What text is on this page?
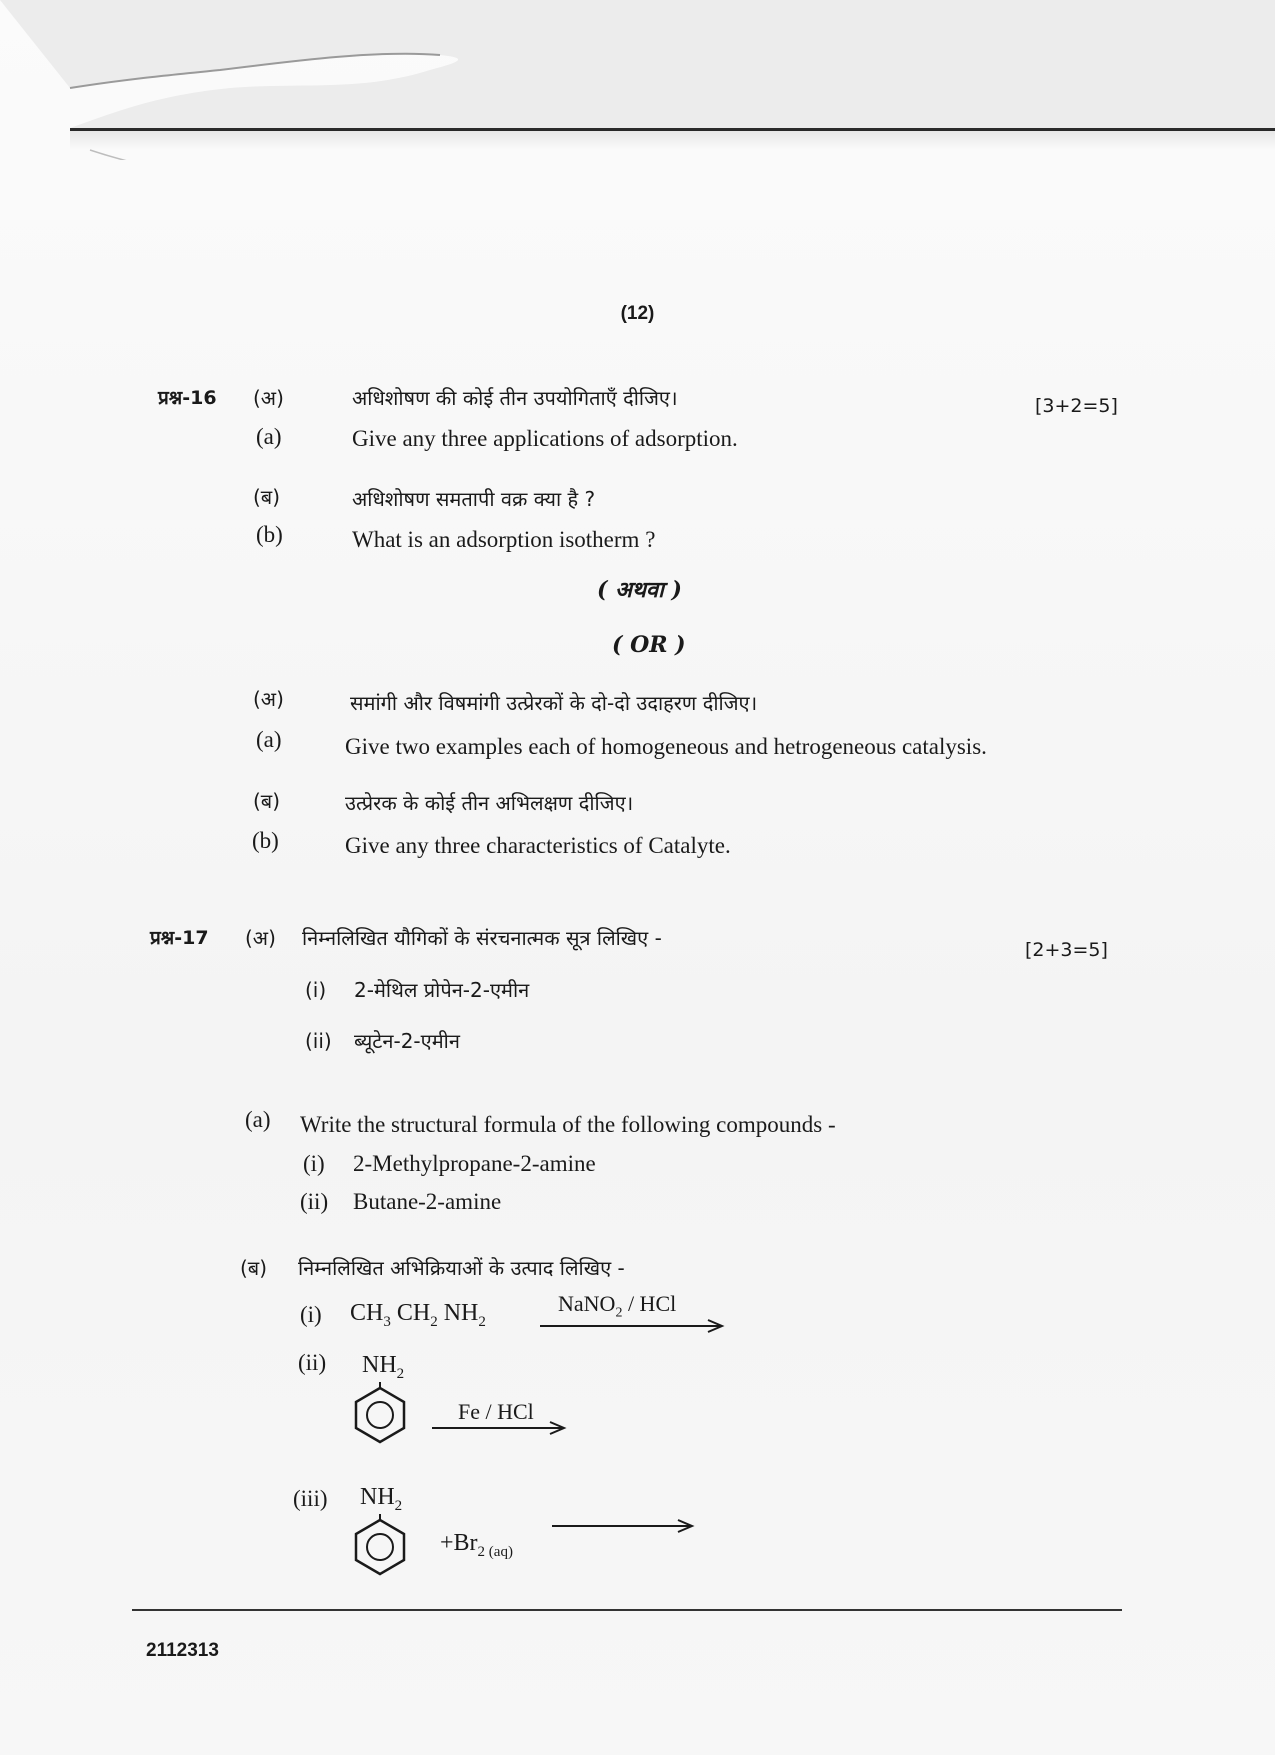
(12)
प्रश्न-16 (अ)	अधिशोषण की कोई तीन उपयोगिताएँ दीजिए।	[3+2=5]
(a)	Give any three applications of adsorption.
(ब)	अधिशोषण समतापी वक्र क्या है ?
(b)	What is an adsorption isotherm ?
( अथवा )
( OR )
(अ)	समांगी और विषमांगी उत्प्रेरकों के दो-दो उदाहरण दीजिए।
(a)	Give two examples each of homogeneous and hetrogeneous catalysis.
(ब)	उत्प्रेरक के कोई तीन अभिलक्षण दीजिए।
(b)	Give any three characteristics of Catalyte.
प्रश्न-17 (अ) निम्नलिखित यौगिकों के संरचनात्मक सूत्र लिखिए -	[2+3=5]
(i) 2-मेथिल प्रोपेन-2-एमीन
(ii) ब्यूटेन-2-एमीन
(a) Write the structural formula of the following compounds -
(i) 2-Methylpropane-2-amine
(ii) Butane-2-amine
(ब) निम्नलिखित अभिक्रियाओं के उत्पाद लिखिए -
(i) $CH_3$ $CH_2$ $NH_2$
NaNO$_2$ / HCl
(ii) $NH_2$
Fe / HCl
(iii) $NH_2$
$+Br_{2 (aq)}$
2112313
